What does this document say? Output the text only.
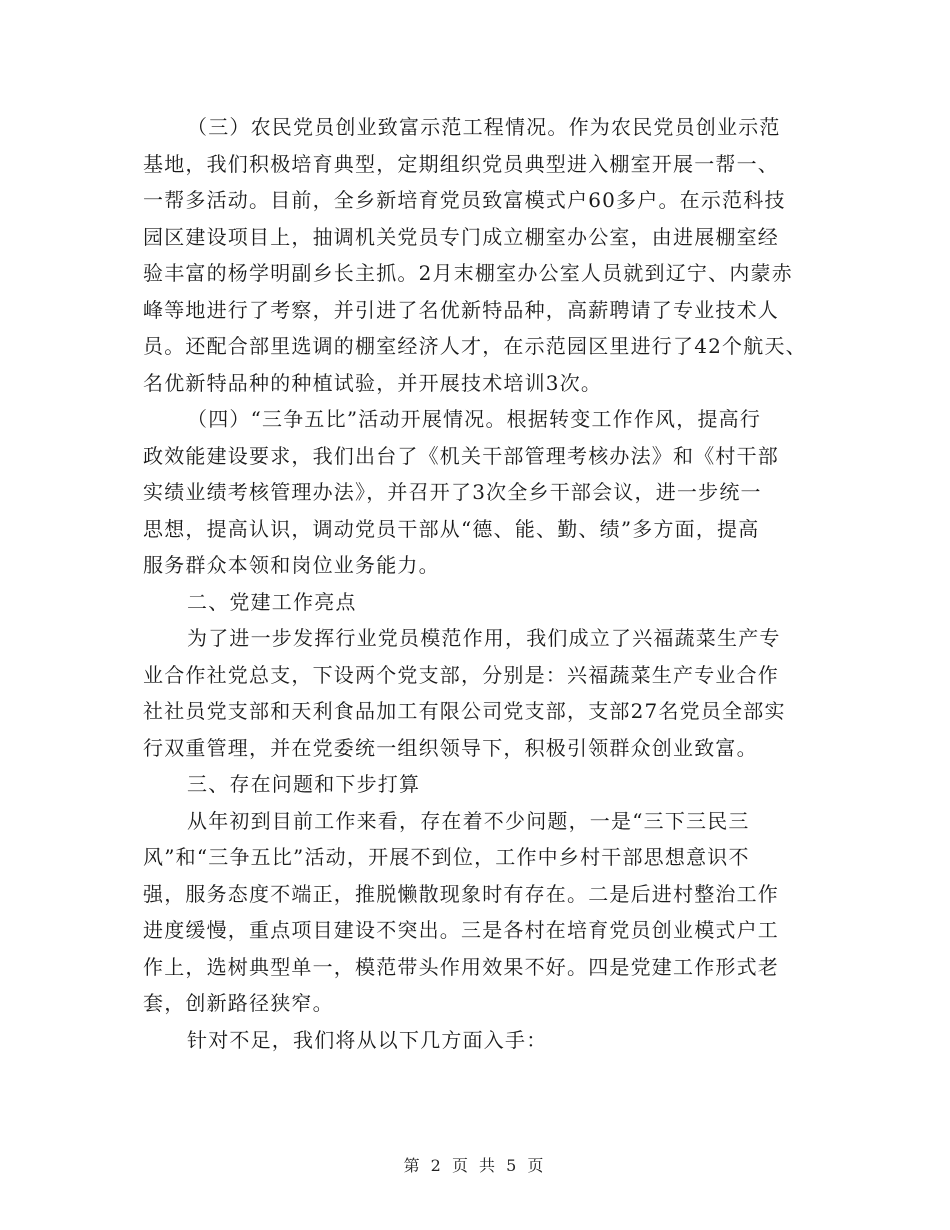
（三）农民党员创业致富示范工程情况。作为农民党员创业示范
基地，我们积极培育典型，定期组织党员典型进入棚室开展一帮一、
一帮多活动。目前，全乡新培育党员致富模式户60多户。在示范科技
园区建设项目上，抽调机关党员专门成立棚室办公室，由进展棚室经
验丰富的杨学明副乡长主抓。2月末棚室办公室人员就到辽宁、内蒙赤
峰等地进行了考察，并引进了名优新特品种，高薪聘请了专业技术人
员。还配合部里选调的棚室经济人才，在示范园区里进行了42个航天、
名优新特品种的种植试验，并开展技术培训3次。

（四）“三争五比”活动开展情况。根据转变工作作风，提高行
政效能建设要求，我们出台了《机关干部管理考核办法》和《村干部
实绩业绩考核管理办法》，并召开了3次全乡干部会议，进一步统一
思想，提高认识，调动党员干部从“德、能、勤、绩”多方面，提高
服务群众本领和岗位业务能力。

二、党建工作亮点

为了进一步发挥行业党员模范作用，我们成立了兴福蔬菜生产专
业合作社党总支，下设两个党支部，分别是：兴福蔬菜生产专业合作
社社员党支部和天利食品加工有限公司党支部，支部27名党员全部实
行双重管理，并在党委统一组织领导下，积极引领群众创业致富。

三、存在问题和下步打算

从年初到目前工作来看，存在着不少问题，一是“三下三民三
风”和“三争五比”活动，开展不到位，工作中乡村干部思想意识不
强，服务态度不端正，推脱懒散现象时有存在。二是后进村整治工作
进度缓慢，重点项目建设不突出。三是各村在培育党员创业模式户工
作上，选树典型单一，模范带头作用效果不好。四是党建工作形式老
套，创新路径狭窄。

针对不足，我们将从以下几方面入手：

第 2 页 共 5 页
